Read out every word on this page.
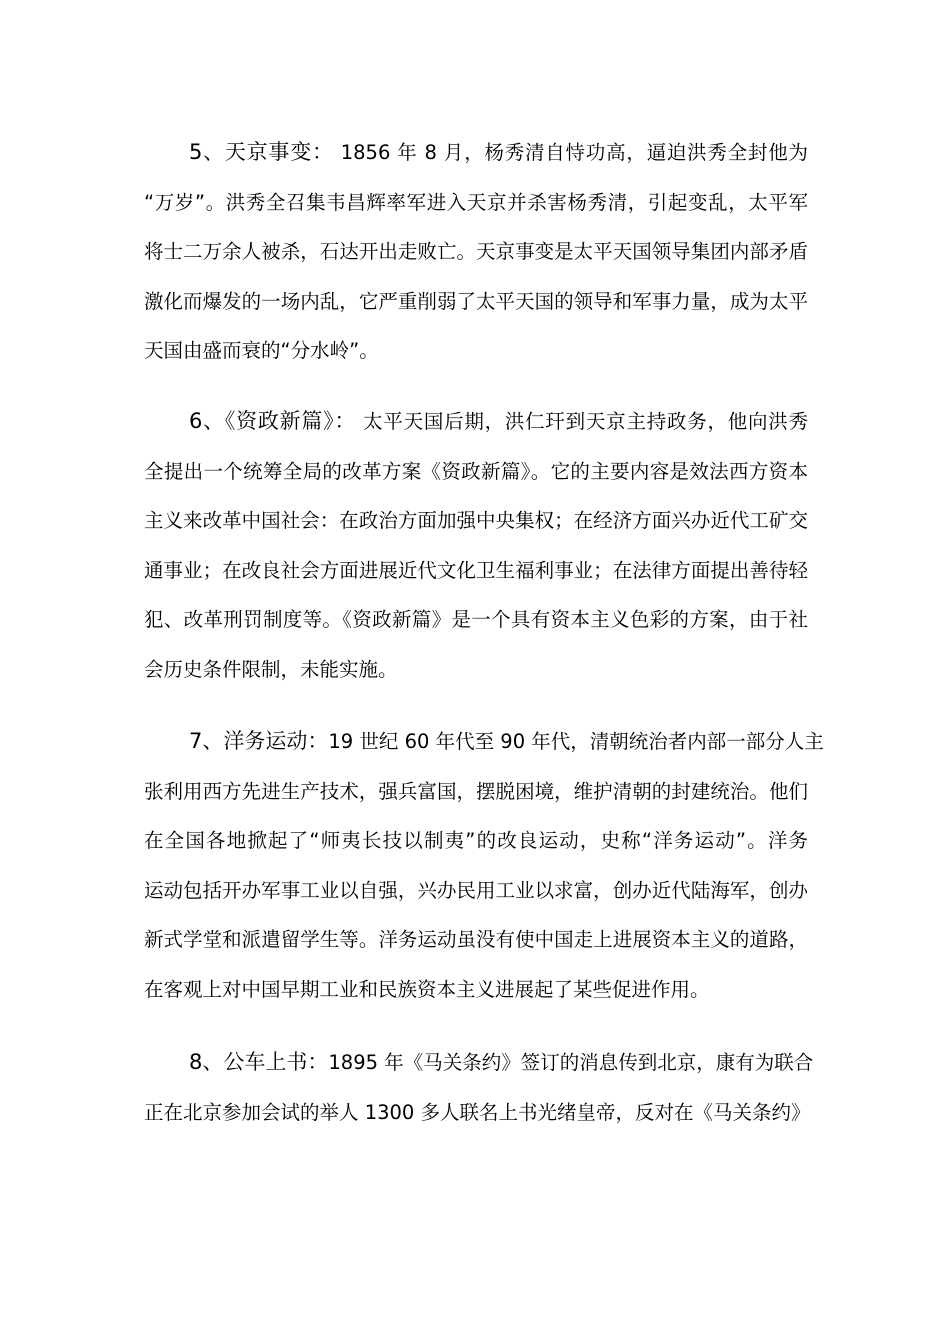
5、天京事变： 1856 年 8 月，杨秀清自恃功高，逼迫洪秀全封他为
“万岁”。洪秀全召集韦昌辉率军进入天京并杀害杨秀清，引起变乱，太平军
将士二万余人被杀，石达开出走败亡。天京事变是太平天国领导集团内部矛盾
激化而爆发的一场内乱，它严重削弱了太平天国的领导和军事力量，成为太平
天国由盛而衰的“分水岭”。
6、《资政新篇》： 太平天国后期，洪仁玕到天京主持政务，他向洪秀
全提出一个统筹全局的改革方案《资政新篇》。它的主要内容是效法西方资本
主义来改革中国社会：在政治方面加强中央集权；在经济方面兴办近代工矿交
通事业；在改良社会方面进展近代文化卫生福利事业；在法律方面提出善待轻
犯、改革刑罚制度等。《资政新篇》是一个具有资本主义色彩的方案，由于社
会历史条件限制，未能实施。
7、洋务运动：19 世纪 60 年代至 90 年代，清朝统治者内部一部分人主
张利用西方先进生产技术，强兵富国，摆脱困境，维护清朝的封建统治。他们
在全国各地掀起了“师夷长技以制夷”的改良运动，史称“洋务运动”。洋务
运动包括开办军事工业以自强，兴办民用工业以求富，创办近代陆海军，创办
新式学堂和派遣留学生等。洋务运动虽没有使中国走上进展资本主义的道路，
在客观上对中国早期工业和民族资本主义进展起了某些促进作用。
8、公车上书：1895 年《马关条约》签订的消息传到北京，康有为联合
正在北京参加会试的举人 1300 多人联名上书光绪皇帝，反对在《马关条约》
